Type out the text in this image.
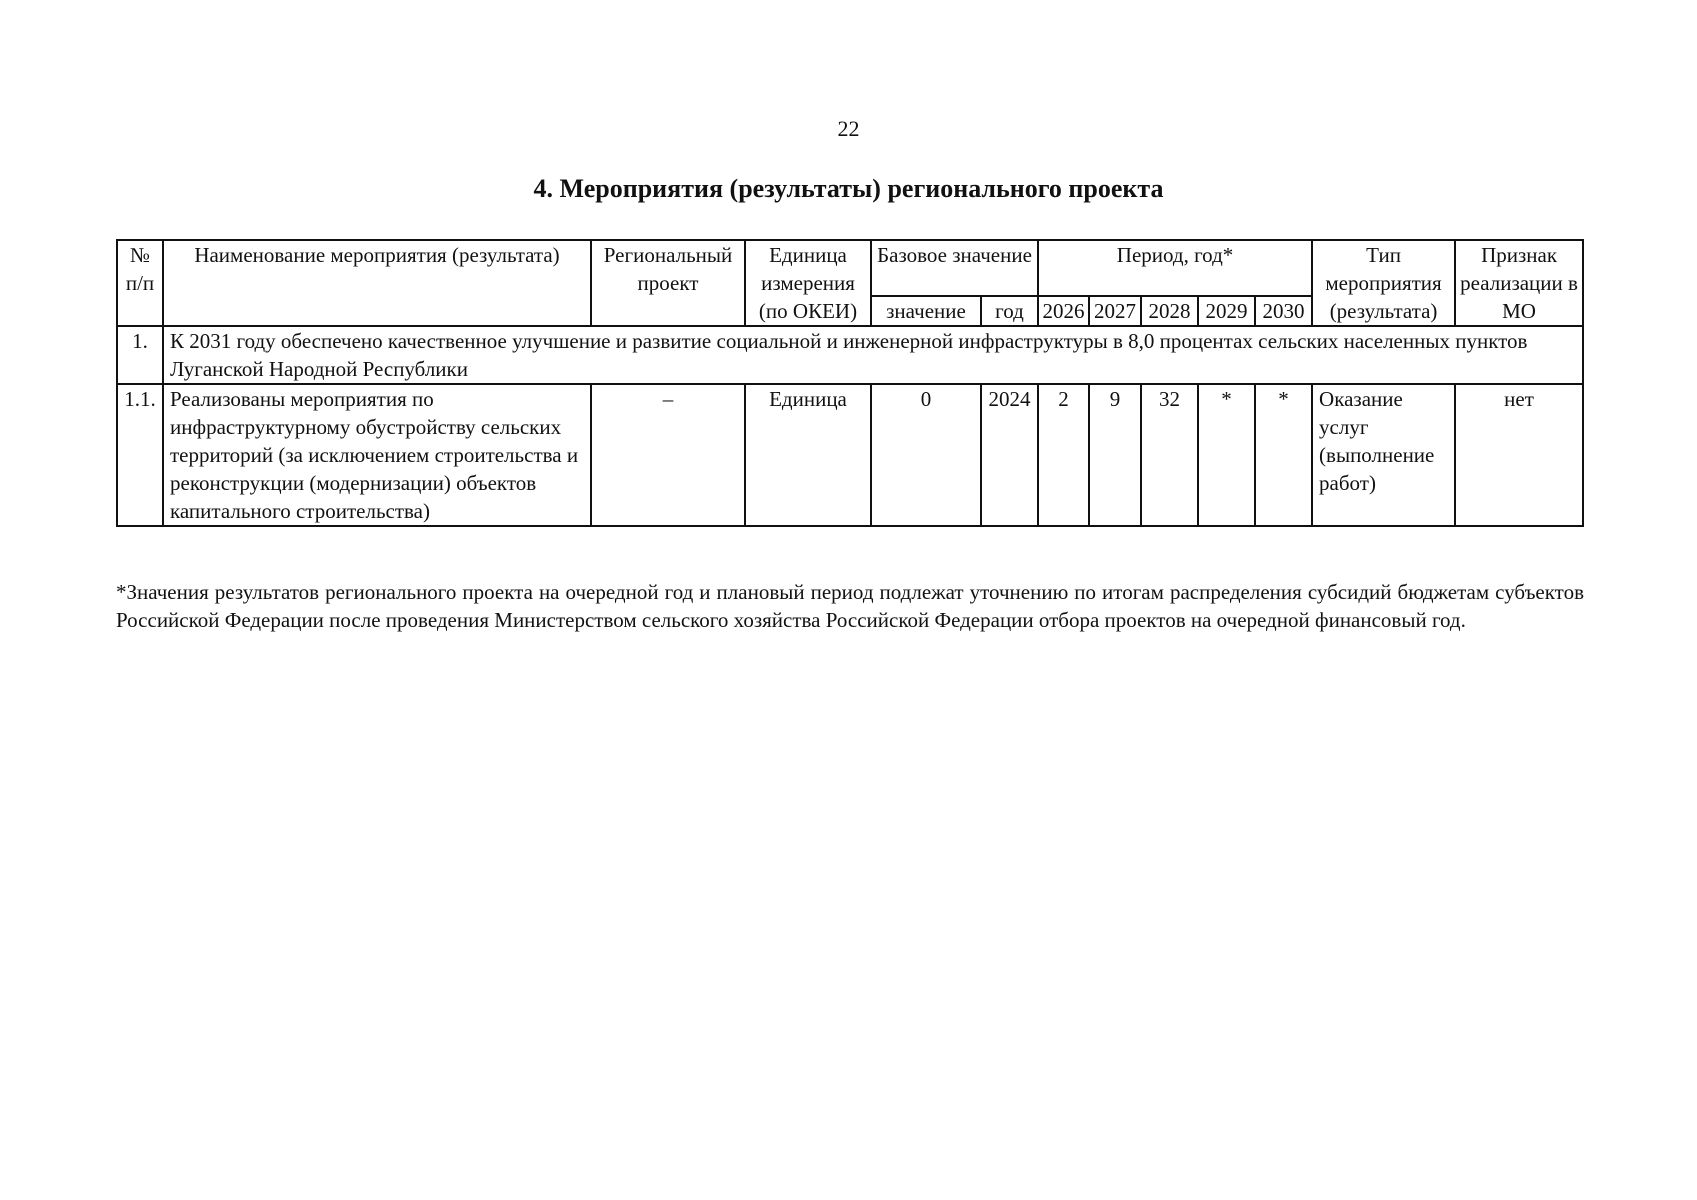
22
4. Мероприятия (результаты) регионального проекта
№ п/п	Наименование мероприятия (результата)	Региональный проект	Единица измерения (по ОКЕИ)	Базовое значение		Период, год*					Тип мероприятия (результата)	Признак реализации в МО

				значение	год	2026	2027	2028	2029	2030		
1.	К 2031 году обеспечено качественное улучшение и развитие социальной и инженерной инфраструктуры в 8,0 процентах сельских населенных пунктов Луганской Народной Республики											
1.1.	Реализованы мероприятия по инфраструктурному обустройству сельских территорий (за исключением строительства и реконструкции (модернизации) объектов капитального строительства)	–	Единица	0	2024	2	9	32	*	*	Оказание услуг (выполнение работ)	нет
*Значения результатов регионального проекта на очередной год и плановый период подлежат уточнению по итогам распределения субсидий бюджетам субъектов Российской Федерации после проведения Министерством сельского хозяйства Российской Федерации отбора проектов на очередной финансовый год.
